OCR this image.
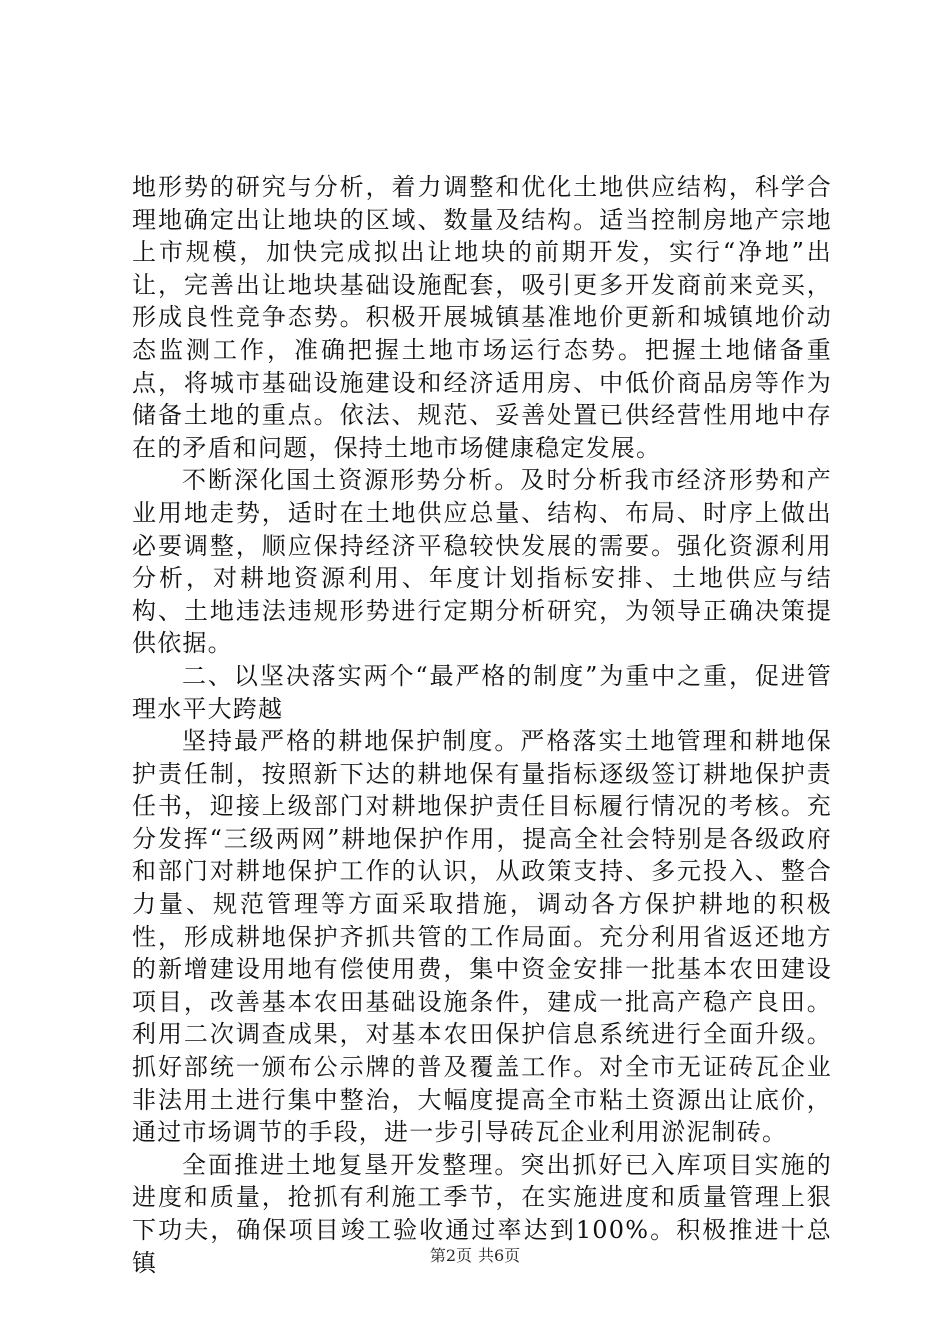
地形势的研究与分析，着力调整和优化土地供应结构，科学合理地确定出让地块的区域、数量及结构。适当控制房地产宗地上市规模，加快完成拟出让地块的前期开发，实行“净地”出让，完善出让地块基础设施配套，吸引更多开发商前来竞买，形成良性竞争态势。积极开展城镇基准地价更新和城镇地价动态监测工作，准确把握土地市场运行态势。把握土地储备重点，将城市基础设施建设和经济适用房、中低价商品房等作为储备土地的重点。依法、规范、妥善处置已供经营性用地中存在的矛盾和问题，保持土地市场健康稳定发展。

不断深化国土资源形势分析。及时分析我市经济形势和产业用地走势，适时在土地供应总量、结构、布局、时序上做出必要调整，顺应保持经济平稳较快发展的需要。强化资源利用分析，对耕地资源利用、年度计划指标安排、土地供应与结构、土地违法违规形势进行定期分析研究，为领导正确决策提供依据。

二、以坚决落实两个“最严格的制度”为重中之重，促进管理水平大跨越

坚持最严格的耕地保护制度。严格落实土地管理和耕地保护责任制，按照新下达的耕地保有量指标逐级签订耕地保护责任书，迎接上级部门对耕地保护责任目标履行情况的考核。充分发挥“三级两网”耕地保护作用，提高全社会特别是各级政府和部门对耕地保护工作的认识，从政策支持、多元投入、整合力量、规范管理等方面采取措施，调动各方保护耕地的积极性，形成耕地保护齐抓共管的工作局面。充分利用省返还地方的新增建设用地有偿使用费，集中资金安排一批基本农田建设项目，改善基本农田基础设施条件，建成一批高产稳产良田。利用二次调查成果，对基本农田保护信息系统进行全面升级。抓好部统一颁布公示牌的普及覆盖工作。对全市无证砖瓦企业非法用土进行集中整治，大幅度提高全市粘土资源出让底价，通过市场调节的手段，进一步引导砖瓦企业利用淤泥制砖。

全面推进土地复垦开发整理。突出抓好已入库项目实施的进度和质量，抢抓有利施工季节，在实施进度和质量管理上狠下功夫，确保项目竣工验收通过率达到100%。积极推进十总镇	第2页 共6页
